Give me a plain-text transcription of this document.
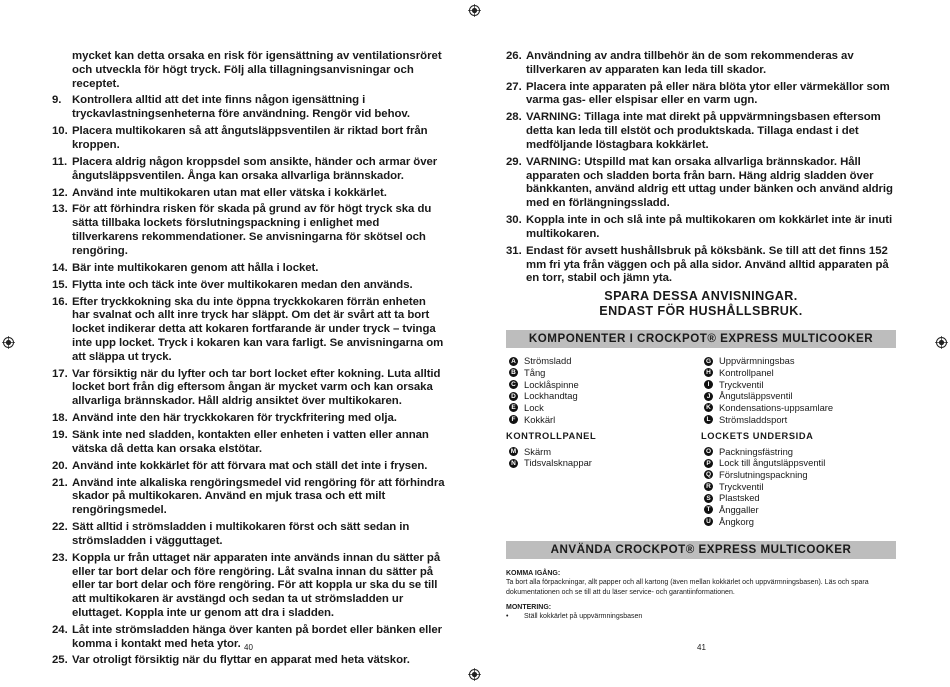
mycket kan detta orsaka en risk för igensättning av ventilationsröret och utveckla för högt tryck. Följ alla tillagningsanvisningar och receptet.
9. Kontrollera alltid att det inte finns någon igensättning i tryckavlastningsenheterna före användning. Rengör vid behov.
10. Placera multikokaren så att ångutsläppsventilen är riktad bort från kroppen.
11. Placera aldrig någon kroppsdel som ansikte, händer och armar över ångutsläppsventilen. Ånga kan orsaka allvarliga brännskador.
12. Använd inte multikokaren utan mat eller vätska i kokkärlet.
13. För att förhindra risken för skada på grund av för högt tryck ska du sätta tillbaka lockets förslutningspackning i enlighet med tillverkarens rekommendationer. Se anvisningarna för skötsel och rengöring.
14. Bär inte multikokaren genom att hålla i locket.
15. Flytta inte och täck inte över multikokaren medan den används.
16. Efter tryckkokning ska du inte öppna tryckkokaren förrän enheten har svalnat och allt inre tryck har släppt. Om det är svårt att ta bort locket indikerar detta att kokaren fortfarande är under tryck – tvinga inte upp locket. Tryck i kokaren kan vara farligt. Se anvisningarna om att släppa ut tryck.
17. Var försiktig när du lyfter och tar bort locket efter kokning. Luta alltid locket bort från dig eftersom ångan är mycket varm och kan orsaka allvarliga brännskador. Håll aldrig ansiktet över multikokaren.
18. Använd inte den här tryckkokaren för tryckfritering med olja.
19. Sänk inte ned sladden, kontakten eller enheten i vatten eller annan vätska då detta kan orsaka elstötar.
20. Använd inte kokkärlet för att förvara mat och ställ det inte i frysen.
21. Använd inte alkaliska rengöringsmedel vid rengöring för att förhindra skador på multikokaren. Använd en mjuk trasa och ett milt rengöringsmedel.
22. Sätt alltid i strömsladden i multikokaren först och sätt sedan in strömsladden i vägguttaget.
23. Koppla ur från uttaget när apparaten inte används innan du sätter på eller tar bort delar och före rengöring. Låt svalna innan du sätter på eller tar bort delar och före rengöring. För att koppla ur ska du se till att multikokaren är avstängd och sedan ta ut strömsladden ur eluttaget. Koppla inte ur genom att dra i sladden.
24. Låt inte strömsladden hänga över kanten på bordet eller bänken eller komma i kontakt med heta ytor.
25. Var otroligt försiktig när du flyttar en apparat med heta vätskor.
40
26. Användning av andra tillbehör än de som rekommenderas av tillverkaren av apparaten kan leda till skador.
27. Placera inte apparaten på eller nära blöta ytor eller värmekällor som varma gas- eller elspisar eller en varm ugn.
28. VARNING: Tillaga inte mat direkt på uppvärmningsbasen eftersom detta kan leda till elstöt och produktskada. Tillaga endast i det medföljande löstagbara kokkärlet.
29. VARNING: Utspilld mat kan orsaka allvarliga brännskador. Håll apparaten och sladden borta från barn. Häng aldrig sladden över bänkkanten, använd aldrig ett uttag under bänken och använd aldrig med en förlängningssladd.
30. Koppla inte in och slå inte på multikokaren om kokkärlet inte är inuti multikokaren.
31. Endast för avsett hushållsbruk på köksbänk. Se till att det finns 152 mm fri yta från väggen och på alla sidor. Använd alltid apparaten på en torr, stabil och jämn yta.
SPARA DESSA ANVISNINGAR.
ENDAST FÖR HUSHÅLLSBRUK.
KOMPONENTER I CROCKPOT® EXPRESS MULTICOOKER
A Strömsladd
B Tång
C Locklåspinne
D Lockhandtag
E Lock
F Kokkärl
KONTROLLPANEL
M Skärm
N Tidsvalsknappar
G Uppvärmningsbas
H Kontrollpanel
I	Tryckventil
J Ångutsläppsventil
K Kondensations-uppsamlare
L Strömsladdsport
LOCKETS UNDERSIDA
O Packningsfästring
P Lock till ångutsläppsventil
Q Förslutningspackning
R Tryckventil
S Plastsked
T Ånggaller
U Ångkorg
ANVÄNDA CROCKPOT® EXPRESS MULTICOOKER
KOMMA IGÅNG:
Ta bort alla förpackningar, allt papper och all kartong (även mellan kokkärlet och uppvärmningsbasen). Läs och spara dokumentationen och se till att du läser service- och garantiinformationen.
MONTERING:
•	Ställ kokkärlet på uppvärmningsbasen
41
